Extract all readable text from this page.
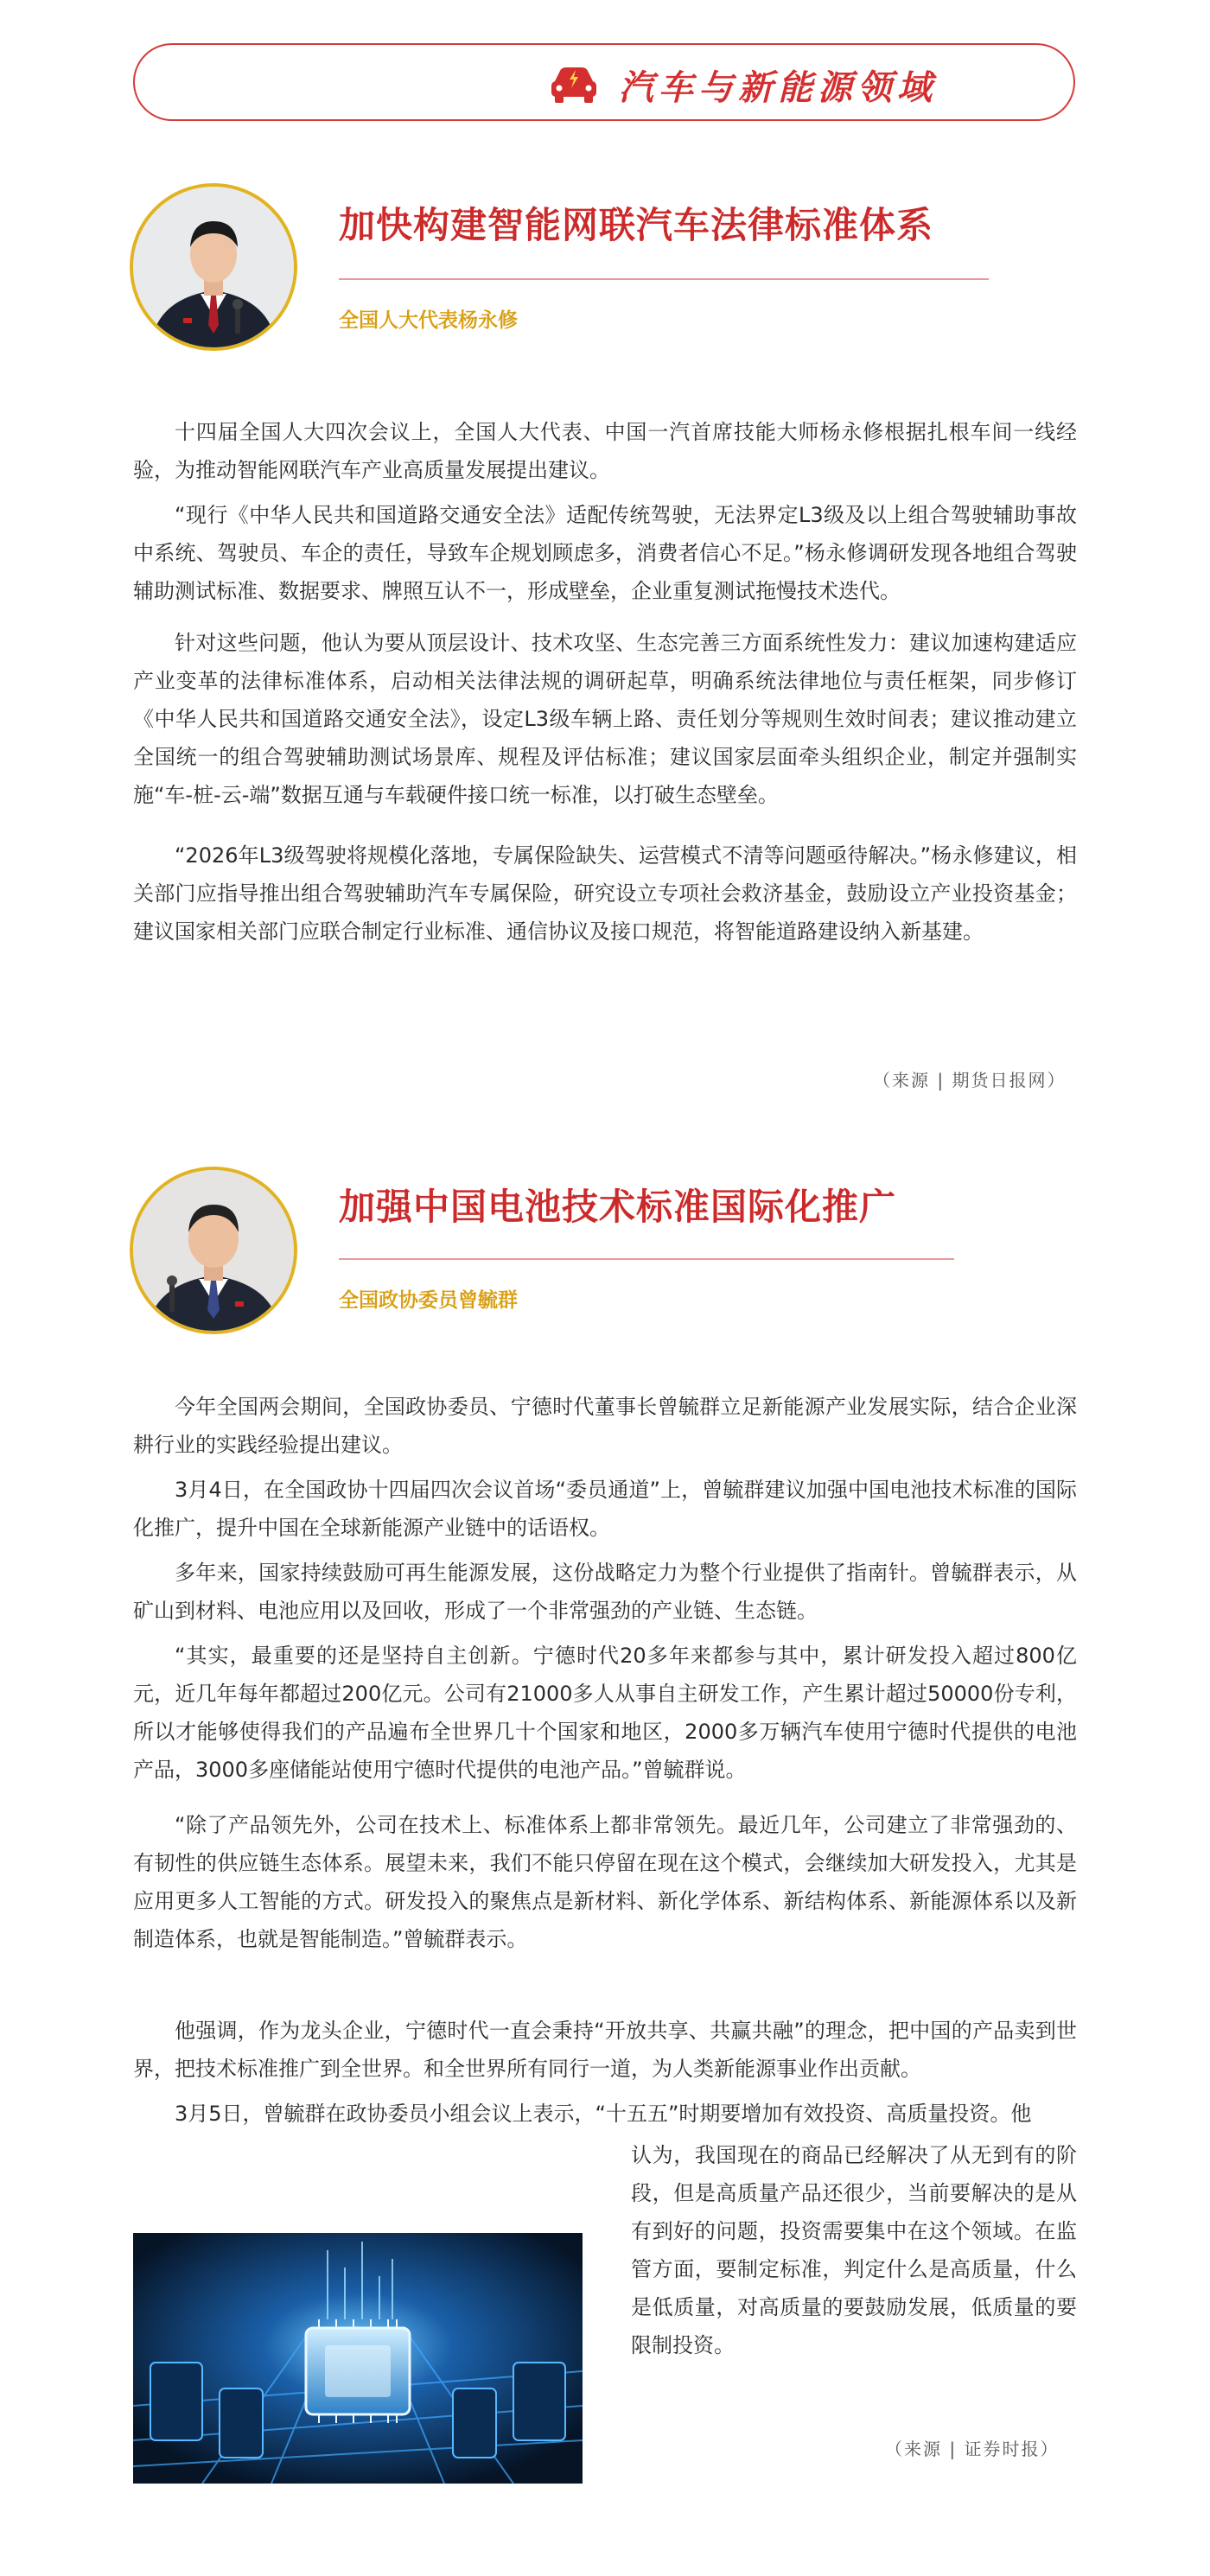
汽车与新能源领域
加快构建智能网联汽车法律标准体系
全国人大代表杨永修

十四届全国人大四次会议上，全国人大代表、中国一汽首席技能大师杨永修根据扎根车间一线经验，为推动智能网联汽车产业高质量发展提出建议。

“现行《中华人民共和国道路交通安全法》适配传统驾驶，无法界定L3级及以上组合驾驶辅助事故中系统、驾驶员、车企的责任，导致车企规划顾虑多，消费者信心不足。”杨永修调研发现各地组合驾驶辅助测试标准、数据要求、牌照互认不一，形成壁垒，企业重复测试拖慢技术迭代。

针对这些问题，他认为要从顶层设计、技术攻坚、生态完善三方面系统性发力：建议加速构建适应产业变革的法律标准体系，启动相关法律法规的调研起草，明确系统法律地位与责任框架，同步修订《中华人民共和国道路交通安全法》，设定L3级车辆上路、责任划分等规则生效时间表；建议推动建立全国统一的组合驾驶辅助测试场景库、规程及评估标准；建议国家层面牵头组织企业，制定并强制实施“车-桩-云-端”数据互通与车载硬件接口统一标准，以打破生态壁垒。

“2026年L3级驾驶将规模化落地，专属保险缺失、运营模式不清等问题亟待解决。”杨永修建议，相关部门应指导推出组合驾驶辅助汽车专属保险，研究设立专项社会救济基金，鼓励设立产业投资基金；建议国家相关部门应联合制定行业标准、通信协议及接口规范，将智能道路建设纳入新基建。

（来源 | 期货日报网）
加强中国电池技术标准国际化推广
全国政协委员曾毓群

今年全国两会期间，全国政协委员、宁德时代董事长曾毓群立足新能源产业发展实际，结合企业深耕行业的实践经验提出建议。

3月4日，在全国政协十四届四次会议首场“委员通道”上，曾毓群建议加强中国电池技术标准的国际化推广，提升中国在全球新能源产业链中的话语权。

多年来，国家持续鼓励可再生能源发展，这份战略定力为整个行业提供了指南针。曾毓群表示，从矿山到材料、电池应用以及回收，形成了一个非常强劲的产业链、生态链。

“其实，最重要的还是坚持自主创新。宁德时代20多年来都参与其中，累计研发投入超过800亿元，近几年每年都超过200亿元。公司有21000多人从事自主研发工作，产生累计超过50000份专利，所以才能够使得我们的产品遍布全世界几十个国家和地区，2000多万辆汽车使用宁德时代提供的电池产品，3000多座储能站使用宁德时代提供的电池产品。”曾毓群说。

“除了产品领先外，公司在技术上、标准体系上都非常领先。最近几年，公司建立了非常强劲的、有韧性的供应链生态体系。展望未来，我们不能只停留在现在这个模式，会继续加大研发投入，尤其是应用更多人工智能的方式。研发投入的聚焦点是新材料、新化学体系、新结构体系、新能源体系以及新制造体系，也就是智能制造。”曾毓群表示。

他强调，作为龙头企业，宁德时代一直会秉持“开放共享、共赢共融”的理念，把中国的产品卖到世界，把技术标准推广到全世界。和全世界所有同行一道，为人类新能源事业作出贡献。

3月5日，曾毓群在政协委员小组会议上表示，“十五五”时期要增加有效投资、高质量投资。他

认为，我国现在的商品已经解决了从无到有的阶段，但是高质量产品还很少，当前要解决的是从有到好的问题，投资需要集中在这个领域。在监管方面，要制定标准，判定什么是高质量，什么是低质量，对高质量的要鼓励发展，低质量的要限制投资。

（来源 | 证券时报）
